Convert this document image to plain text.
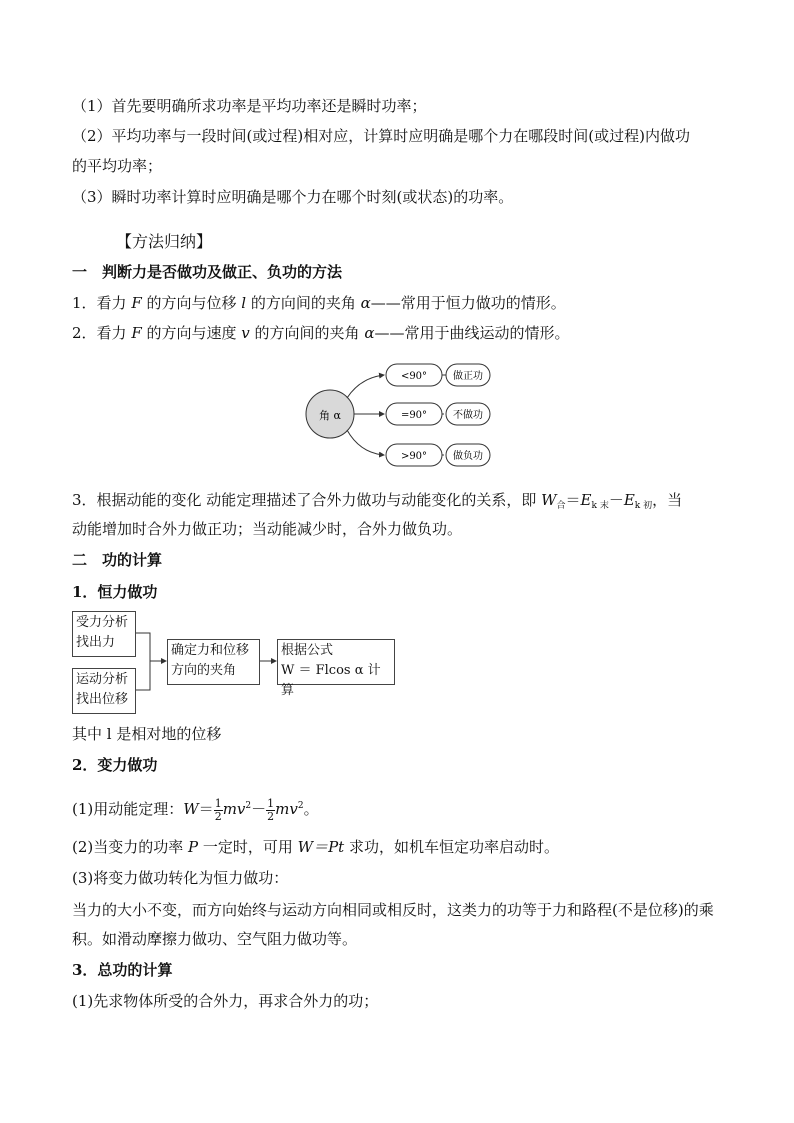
（1）首先要明确所求功率是平均功率还是瞬时功率；

（2）平均功率与一段时间(或过程)相对应，计算时应明确是哪个力在哪段时间(或过程)内做功

的平均功率；

（3）瞬时功率计算时应明确是哪个力在哪个时刻(或状态)的功率。

【方法归纳】

一　判断力是否做功及做正、负功的方法

1．看力 F 的方向与位移 l 的方向间的夹角 α——常用于恒力做功的情形。

2．看力 F 的方向与速度 v 的方向间的夹角 α——常用于曲线运动的情形。

角 α
<90°
=90°
>90°
做正功
不做功
做负功

3．根据动能的变化 动能定理描述了合外力做功与动能变化的关系，即 $W_合=E_{k 末}-E_{k 初}$，当

动能增加时合外力做正功；当动能减少时，合外力做负功。

二　功的计算

1．恒力做功

受力分析
找出力
运动分析
找出位移
确定力和位移
方向的夹角
根据公式
W ＝ Flcos α 计算

其中 l 是相对地的位移

2．变力做功

(1)用动能定理：$W= \frac{1}{2} mv^2- \frac{1}{2} mv^2$。

(2)当变力的功率 P 一定时，可用 W＝Pt 求功，如机车恒定功率启动时。

(3)将变力做功转化为恒力做功：

当力的大小不变，而方向始终与运动方向相同或相反时，这类力的功等于力和路程(不是位移)的乘积。如滑动摩擦力做功、空气阻力做功等。

3．总功的计算

(1)先求物体所受的合外力，再求合外力的功；
